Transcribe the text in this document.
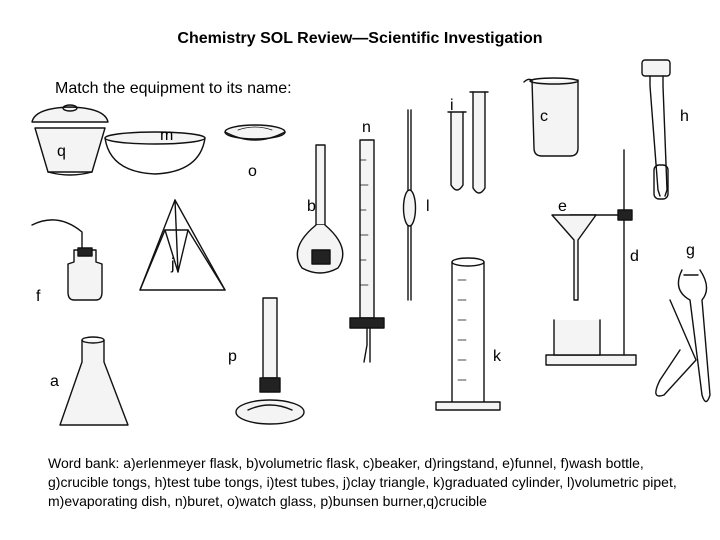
Chemistry SOL Review—Scientific Investigation
Match the equipment to its name:
q
m
o
n
i
c	h
b	l	e
g
d
j
f
p	k
a
Word bank: a)erlenmeyer flask, b)volumetric flask, c)beaker, d)ringstand, e)funnel, f)wash bottle, g)crucible tongs, h)test tube tongs, i)test tubes, j)clay triangle, k)graduated cylinder, l)volumetric pipet, m)evaporating dish, n)buret, o)watch glass, p)bunsen burner,q)crucible
